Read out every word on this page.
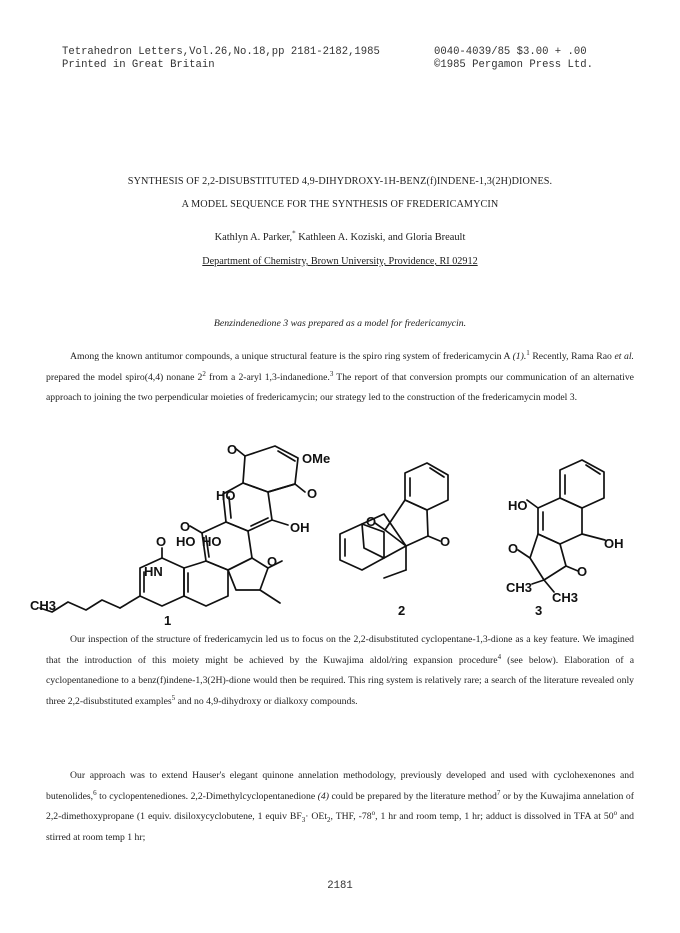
Tetrahedron Letters,Vol.26,No.18,pp 2181-2182,1985	0040-4039/85 $3.00 + .00
Printed in Great Britain	©1985 Pergamon Press Ltd.
SYNTHESIS OF 2,2-DISUBSTITUTED 4,9-DIHYDROXY-1H-BENZ(f)INDENE-1,3(2H)DIONES.
A MODEL SEQUENCE FOR THE SYNTHESIS OF FREDERICAMYCIN
Kathlyn A. Parker,* Kathleen A. Koziski, and Gloria Breault
Department of Chemistry, Brown University, Providence, RI 02912
Benzindenedione 3 was prepared as a model for fredericamycin.
Among the known antitumor compounds, a unique structural feature is the spiro ring system of fredericamycin A (1).$^1$ Recently, Rama Rao et al. prepared the model spiro(4,4) nonane $2^2$ from a 2-aryl 1,3-indanedione.$^3$ The report of that conversion prompts our communication of an alternative approach to joining the two perpendicular moieties of fredericamycin; our strategy led to the construction of the fredericamycin model 3.
O
OMe
HO	O
OH
O
O HO HO
O
HN
CH3
1
O
O
2
HO
OH
O
O
CH3
CH3
3
Our inspection of the structure of fredericamycin led us to focus on the 2,2-disubstituted cyclopentane-1,3-dione as a key feature. We imagined that the introduction of this moiety might be achieved by the Kuwajima aldol/ring expansion procedure$^4$ (see below). Elaboration of a cyclopentanedione to a benz(f)indene-1,3(2H)-dione would then be required. This ring system is relatively rare; a search of the literature revealed only three 2,2-disubstituted examples$^5$ and no 4,9-dihydroxy or dialkoxy compounds.
Our approach was to extend Hauser's elegant quinone annelation methodology, previously developed and used with cyclohexenones and butenolides,$^6$ to cyclopentenediones. 2,2-Dimethylcyclopentanedione (4) could be prepared by the literature method$^7$ or by the Kuwajima annelation of 2,2-dimethoxypropane (1 equiv. disiloxycyclobutene, 1 equiv $BF_3\cdot OEt_2$, THF, -78$^o$, 1 hr and room temp, 1 hr; adduct is dissolved in TFA at 50$^o$ and stirred at room temp 1 hr;
2181
